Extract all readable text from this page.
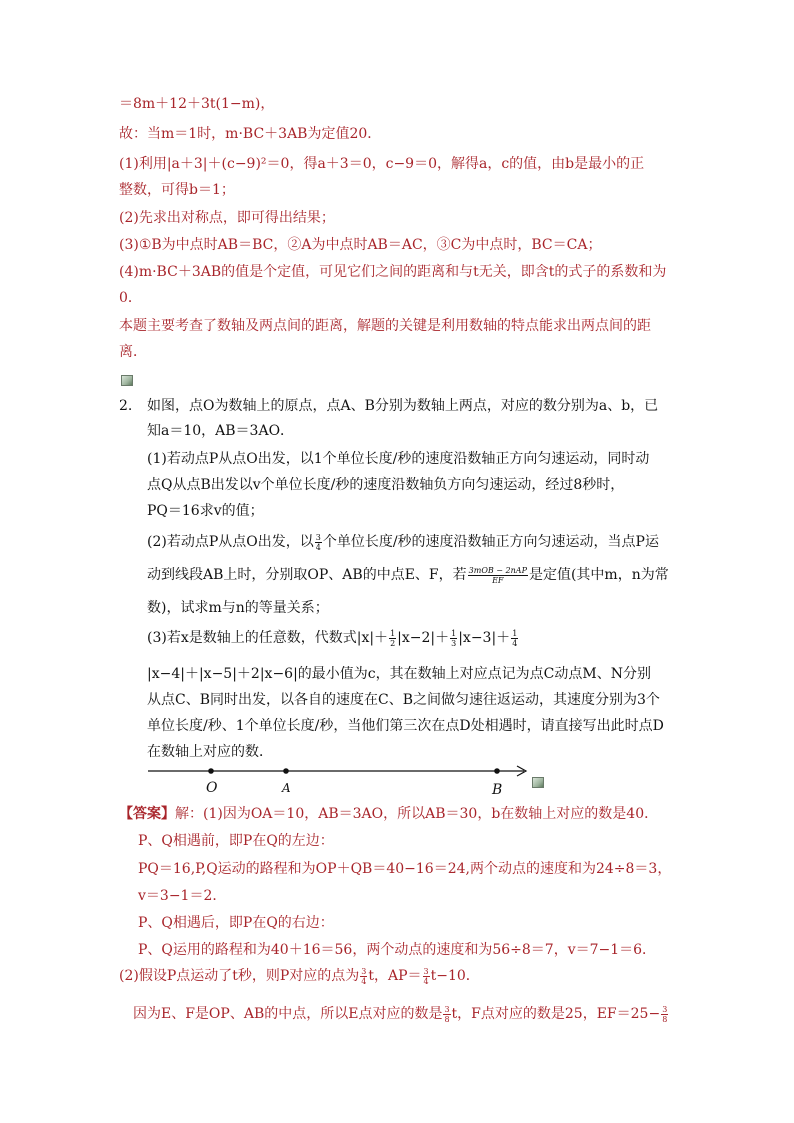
＝8m＋12＋3t(1−m)，
故：当m＝1时，m·BC＋3AB为定值20．
(1)利用|a＋3|＋(c−9)²＝0，得a＋3＝0，c−9＝0，解得a，c的值，由b是最小的正
整数，可得b＝1；
(2)先求出对称点，即可得出结果；
(3)①B为中点时AB＝BC，②A为中点时AB＝AC，③C为中点时，BC＝CA；
(4)m·BC＋3AB的值是个定值，可见它们之间的距离和与t无关，即含t的式子的系数和为
0．
本题主要考查了数轴及两点间的距离，解题的关键是利用数轴的特点能求出两点间的距
离．
2. 如图，点O为数轴上的原点，点A、B分别为数轴上两点，对应的数分别为a、b，已
知a＝10，AB＝3AO．
(1)若动点P从点O出发，以1个单位长度/秒的速度沿数轴正方向匀速运动，同时动
点Q从点B出发以v个单位长度/秒的速度沿数轴负方向匀速运动，经过8秒时，
PQ＝16求v的值；
(2)若动点P从点O出发，以 $\frac{3}{4}$ 个单位长度/秒的速度沿数轴正方向匀速运动，当点P运
动到线段AB上时，分别取OP、AB的中点E、F，若 $\frac{\text{3mOB − 2nAP}}{EF}$ 是定值(其中m，n为常
数)，试求m与n的等量关系；
(3)若x是数轴上的任意数，代数式$|x|+ \frac{1}{2} |x-2|+ \frac{1}{3} |x-3|+ \frac{1}{4}$
|x−4|＋|x−5|＋2|x−6|的最小值为c，其在数轴上对应点记为点C动点M、N分别
从点C、B同时出发，以各自的速度在C、B之间做匀速往返运动，其速度分别为3个
单位长度/秒、1个单位长度/秒，当他们第三次在点D处相遇时，请直接写出此时点D
在数轴上对应的数．
O	A	B
【答案】解：(1)因为OA＝10，AB＝3AO，所以AB＝30，b在数轴上对应的数是40．
P、Q相遇前，即P在Q的左边：
PQ＝16,P,Q运动的路程和为OP＋QB＝40−16＝24,两个动点的速度和为24÷8＝3，
v＝3−1＝2．
P、Q相遇后，即P在Q的右边：
P、Q运用的路程和为40＋16＝56，两个动点的速度和为56÷8＝7，v＝7−1＝6．
(2)假设P点运动了t秒，则P对应的点为 $\frac{3}{4}$ t，$AP= \frac{3}{4} t-10$．
因为E、F是OP、AB的中点，所以E点对应的数是 $\frac{3}{8}$ t，F点对应的数是25，$EF=25- \frac{3}{8}$
